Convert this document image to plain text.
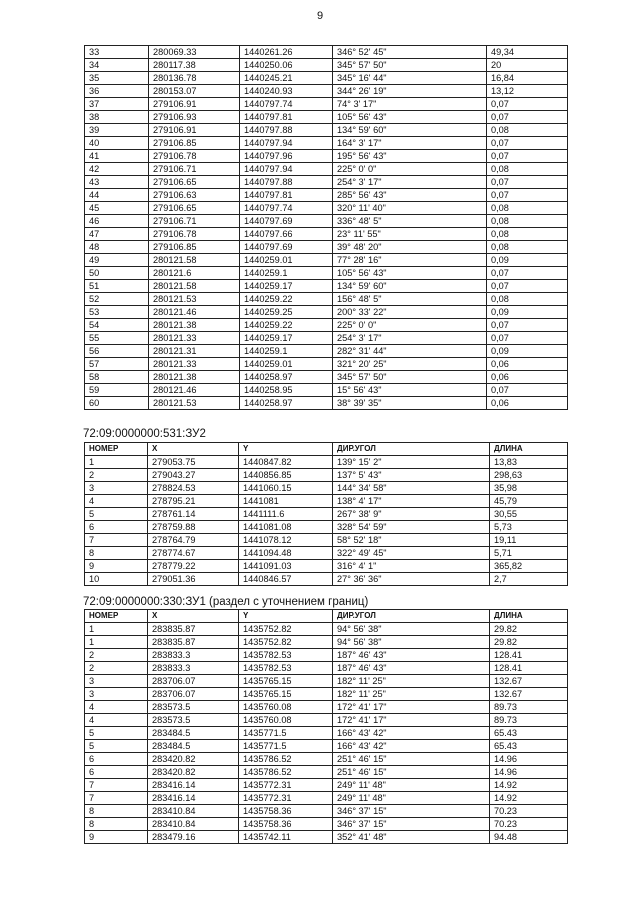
9
33	280069.33	1440261.26	346° 52' 45"	49,34
34	280117.38	1440250.06	345° 57' 50"	20
35	280136.78	1440245.21	345° 16' 44"	16,84
36	280153.07	1440240.93	344° 26' 19"	13,12
37	279106.91	1440797.74	74° 3' 17"	0,07
38	279106.93	1440797.81	105° 56' 43"	0,07
39	279106.91	1440797.88	134° 59' 60"	0,08
40	279106.85	1440797.94	164° 3' 17"	0,07
41	279106.78	1440797.96	195° 56' 43"	0,07
42	279106.71	1440797.94	225° 0' 0"	0,08
43	279106.65	1440797.88	254° 3' 17"	0,07
44	279106.63	1440797.81	285° 56' 43"	0,07
45	279106.65	1440797.74	320° 11' 40"	0,08
46	279106.71	1440797.69	336° 48' 5"	0,08
47	279106.78	1440797.66	23° 11' 55"	0,08
48	279106.85	1440797.69	39° 48' 20"	0,08
49	280121.58	1440259.01	77° 28' 16"	0,09
50	280121.6	1440259.1	105° 56' 43"	0,07
51	280121.58	1440259.17	134° 59' 60"	0,07
52	280121.53	1440259.22	156° 48' 5"	0,08
53	280121.46	1440259.25	200° 33' 22"	0,09
54	280121.38	1440259.22	225° 0' 0"	0,07
55	280121.33	1440259.17	254° 3' 17"	0,07
56	280121.31	1440259.1	282° 31' 44"	0,09
57	280121.33	1440259.01	321° 20' 25"	0,06
58	280121.38	1440258.97	345° 57' 50"	0,06
59	280121.46	1440258.95	15° 56' 43"	0,07
60	280121.53	1440258.97	38° 39' 35"	0,06
72:09:0000000:531:ЗУ2
НОМЕР	X	Y	ДИР.УГОЛ	ДЛИНА
1	279053.75	1440847.82	139° 15' 2"	13,83
2	279043.27	1440856.85	137° 5' 43"	298,63
3	278824.53	1441060.15	144° 34' 58"	35,98
4	278795.21	1441081	138° 4' 17"	45,79
5	278761.14	1441111.6	267° 38' 9"	30,55
6	278759.88	1441081.08	328° 54' 59"	5,73
7	278764.79	1441078.12	58° 52' 18"	19,11
8	278774.67	1441094.48	322° 49' 45"	5,71
9	278779.22	1441091.03	316° 4' 1"	365,82
10	279051.36	1440846.57	27° 36' 36"	2,7
72:09:0000000:330:ЗУ1 (раздел с уточнением границ)
НОМЕР	X	Y	ДИР.УГОЛ	ДЛИНА
1	283835.87	1435752.82	94° 56' 38"	29.82
1	283835.87	1435752.82	94° 56' 38"	29.82
2	283833.3	1435782.53	187° 46' 43"	128.41
2	283833.3	1435782.53	187° 46' 43"	128.41
3	283706.07	1435765.15	182° 11' 25"	132.67
3	283706.07	1435765.15	182° 11' 25"	132.67
4	283573.5	1435760.08	172° 41' 17"	89.73
4	283573.5	1435760.08	172° 41' 17"	89.73
5	283484.5	1435771.5	166° 43' 42"	65.43
5	283484.5	1435771.5	166° 43' 42"	65.43
6	283420.82	1435786.52	251° 46' 15"	14.96
6	283420.82	1435786.52	251° 46' 15"	14.96
7	283416.14	1435772.31	249° 11' 48"	14.92
7	283416.14	1435772.31	249° 11' 48"	14.92
8	283410.84	1435758.36	346° 37' 15"	70.23
8	283410.84	1435758.36	346° 37' 15"	70.23
9	283479.16	1435742.11	352° 41' 48"	94.48
